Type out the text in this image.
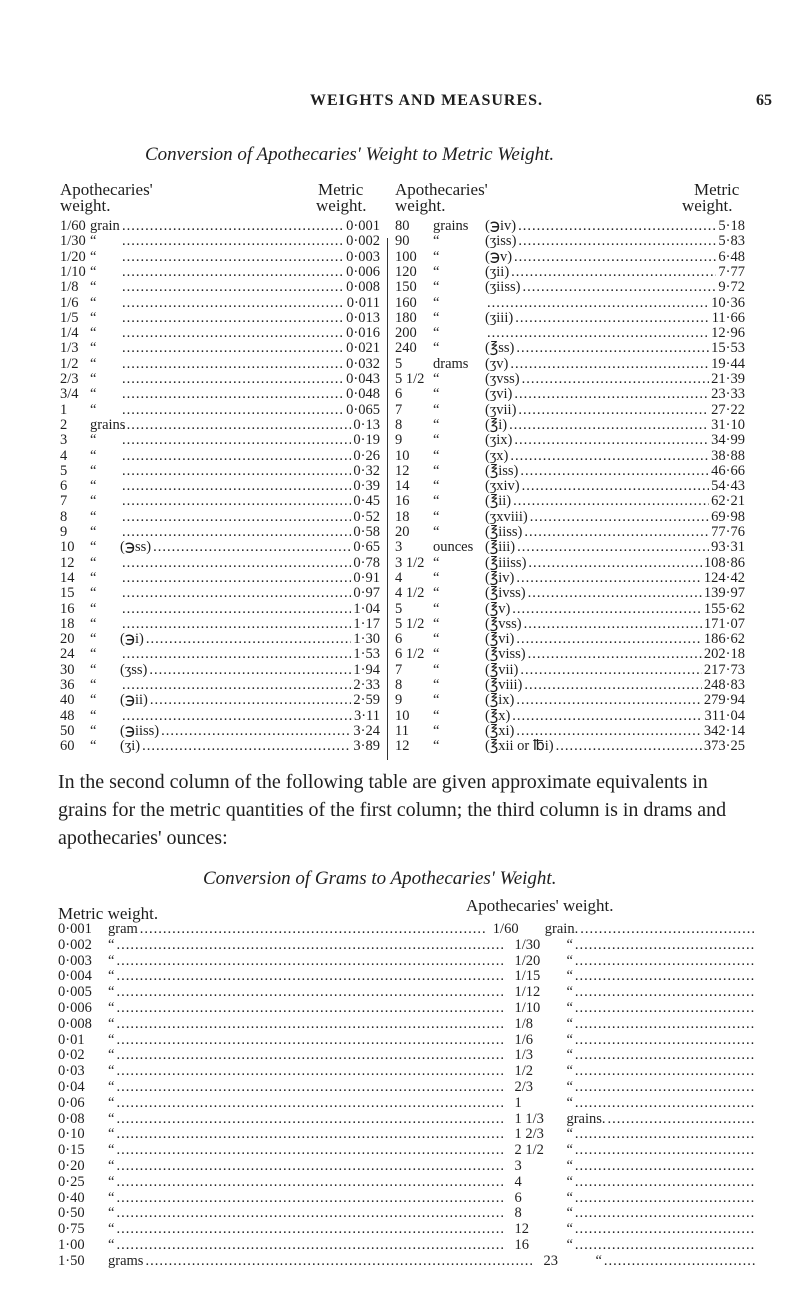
WEIGHTS AND MEASURES.	65
Conversion of Apothecaries' Weight to Metric Weight.
Apothecaries'
weight.
Metric
weight.
Apothecaries'
weight.
Metric
weight.
1/60 grain .....	0·001
1/30 “ .....	0·002
1/20 “ .....	0·003
1/10 “ .....	0·006
1/8 “ .....	0·008
1/6 “ .....	0·011
1/5 “ .....	0·013
1/4 “ .....	0·016
1/3 “ .....	0·021
1/2 “ .....	0·032
2/3 “ .....	0·043
3/4 “ .....	0·048
1	“ .....	0·065
2	grains .....	0·13
3	“ .....	0·19
4	“ .....	0·26
5	“ .....	0·32
6	“ .....	0·39
7	“ .....	0·45
8	“ .....	0·52
9	“ .....	0·58
10	“	(℈ss) .....	0·65
12	“ .....	0·78
14	“ .....	0·91
15	“ .....	0·97
16	“ .....	1·04
18	“ .....	1·17
20	“	(℈i) .....	1·30
24	“ .....	1·53
30	“	(ʒss) .....	1·94
36	“ .....	2·33
40	“	(℈ii) .....	2·59
48	“ .....	3·11
50	“	(℈iiss) .....	3·24
60	“	(ʒi) .....	3·89
80	grains	(℈iv) .....	5·18
90	“	(ʒiss) .....	5·83
100	“	(℈v) .....	6·48
120	“	(ʒii) .....	7·77
150	“	(ʒiiss) .....	9·72
160	“ .....	10·36
180	“	(ʒiii) .....	11·66
200	“ .....	12·96
240	“	(℥ss) .....	15·53
5	drams	(ʒv) .....	19·44
5 1/2 “	(ʒvss) .....	21·39
6	“	(ʒvi) .....	23·33
7	“	(ʒvii) .....	27·22
8	“	(℥i) .....	31·10
9	“	(ʒix) .....	34·99
10	“	(ʒx) .....	38·88
12	“	(℥iss) .....	46·66
14	“	(ʒxiv) .....	54·43
16	“	(℥ii) .....	62·21
18	“	(ʒxviii) .....	69·98
20	“	(℥iiss) .....	77·76
3	ounces (℥iii) .....	93·31
3 1/2 “	(℥iiiss) .....	108·86
4	“	(℥iv) .....	124·42
4 1/2 “	(℥ivss) .....	139·97
5	“	(℥v) .....	155·62
5 1/2 “	(℥vss) .....	171·07
6	“	(℥vi) .....	186·62
6 1/2 “	(℥viss) .....	202·18
7	“	(℥vii) .....	217·73
8	“	(℥viii) .....	248·83
9	“	(℥ix) .....	279·94
10	“	(℥x) .....	311·04
11	“	(℥xi) .....	342·14
12	“	(℥xii or ℔i) .....	373·25
In the second column of the following table are given approximate equivalents in grains for the metric quantities of the first column; the third column is in drams and apothecaries' ounces:
Conversion of Grams to Apothecaries' Weight.
Metric weight.	Apothecaries' weight.
0·001	gram .....	1/60	grain.
.....
0·002	“ .....	1/30	“
.....
0·003	“ .....	1/20	“
.....
0·004	“ .....	1/15	“
.....
0·005	“ .....	1/12	“
.....
0·006	“ .....	1/10	“
.....
0·008	“ .....	1/8	“
.....
0·01	“ .....	1/6	“
.....
0·02	“ .....	1/3	“
.....
0·03	“ .....	1/2	“
.....
0·04	“ .....	2/3	“
.....
0·06	“ .....	1	“
.....
0·08	“ .....	1 1/3	grains.
.....
0·10	“ .....	1 2/3	“
.....
0·15	“ .....	2 1/2	“
.....
0·20	“ .....	3	“
.....
0·25	“ .....	4	“
.....
0·40	“ .....	6	“
.....
0·50	“ .....	8	“
.....
0·75	“ .....	12	“
.....
1·00	“ .....	16	“
.....
1·50	grams .....	23	“
.....
